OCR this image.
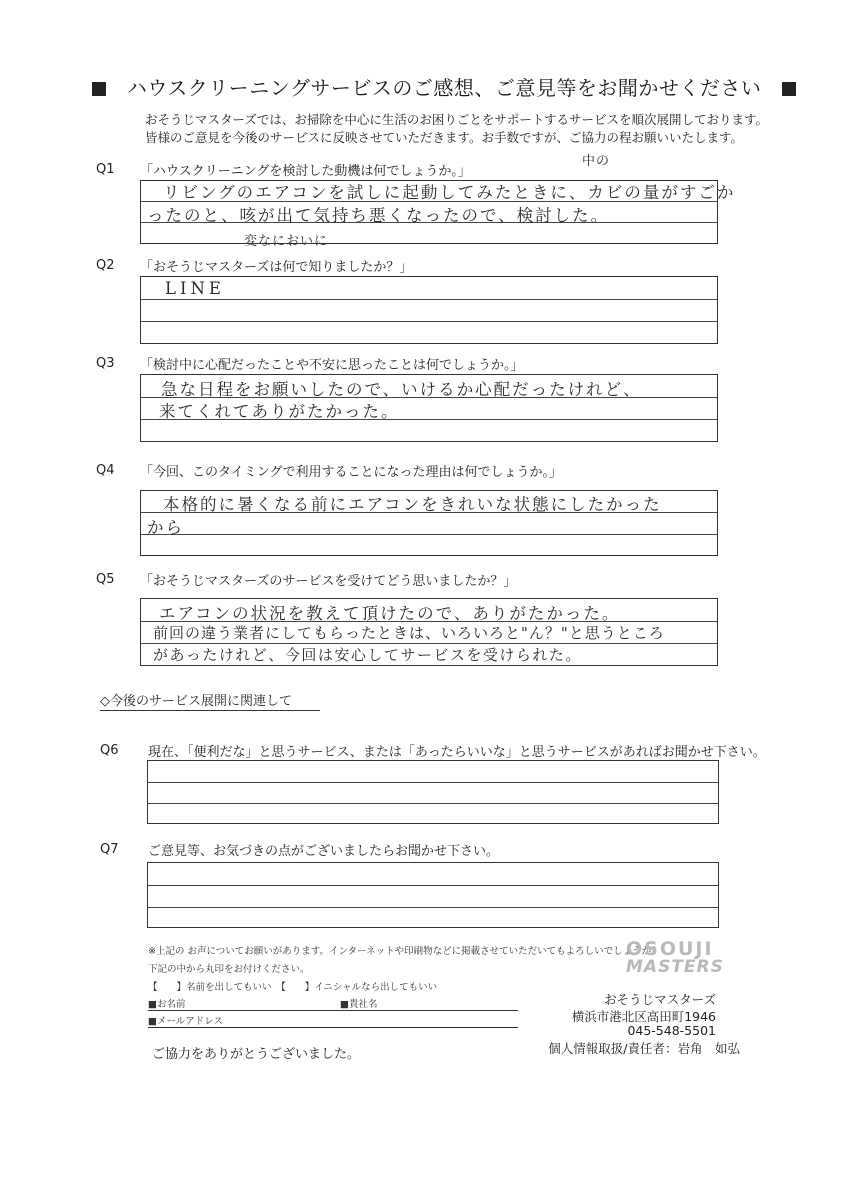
ハウスクリーニングサービスのご感想、ご意見等をお聞かせください
おそうじマスターズでは、お掃除を中心に生活のお困りごとをサポートするサービスを順次展開しております。
皆様のご意見を今後のサービスに反映させていただきます。お手数ですが、ご協力の程お願いいたします。
Q1 「ハウスクリーニングを検討した動機は何でしょうか。」
リビングのエアコンを試しに起動してみたときに、カビの量がすごか
ったのと、咳が出て気持ち悪くなったので、検討した。
中の
変なにおいに
Q2 「おそうじマスターズは何で知りましたか？」
LINE
Q3 「検討中に心配だったことや不安に思ったことは何でしょうか。」
急な日程をお願いしたので、いけるか心配だったけれど、
来てくれてありがたかった。
Q4 「今回、このタイミングで利用することになった理由は何でしょうか。」
本格的に暑くなる前にエアコンをきれいな状態にしたかった
から
Q5 「おそうじマスターズのサービスを受けてどう思いましたか？」
エアコンの状況を教えて頂けたので、ありがたかった。
前回の違う業者にしてもらったときは、いろいろと"ん？"と思うところ
があったけれど、今回は安心してサービスを受けられた。
◇今後のサービス展開に関連して
Q6 現在、「便利だな」と思うサービス、または「あったらいいな」と思うサービスがあればお聞かせ下さい。
Q7 ご意見等、お気づきの点がございましたらお聞かせ下さい。
※上記の お声についてお願いがあります。インターネットや印刷物などに掲載させていただいてもよろしいでしょうか？
下記の中から丸印をお付けください。
【　　】名前を出してもいい　【　　】イニシャルなら出してもいい
■お名前	■貴社名
■メールアドレス
OSOUJI
MASTERS
おそうじマスターズ
横浜市港北区高田町1946
045-548-5501
個人情報取扱/責任者：岩角　如弘
ご協力をありがとうございました。
